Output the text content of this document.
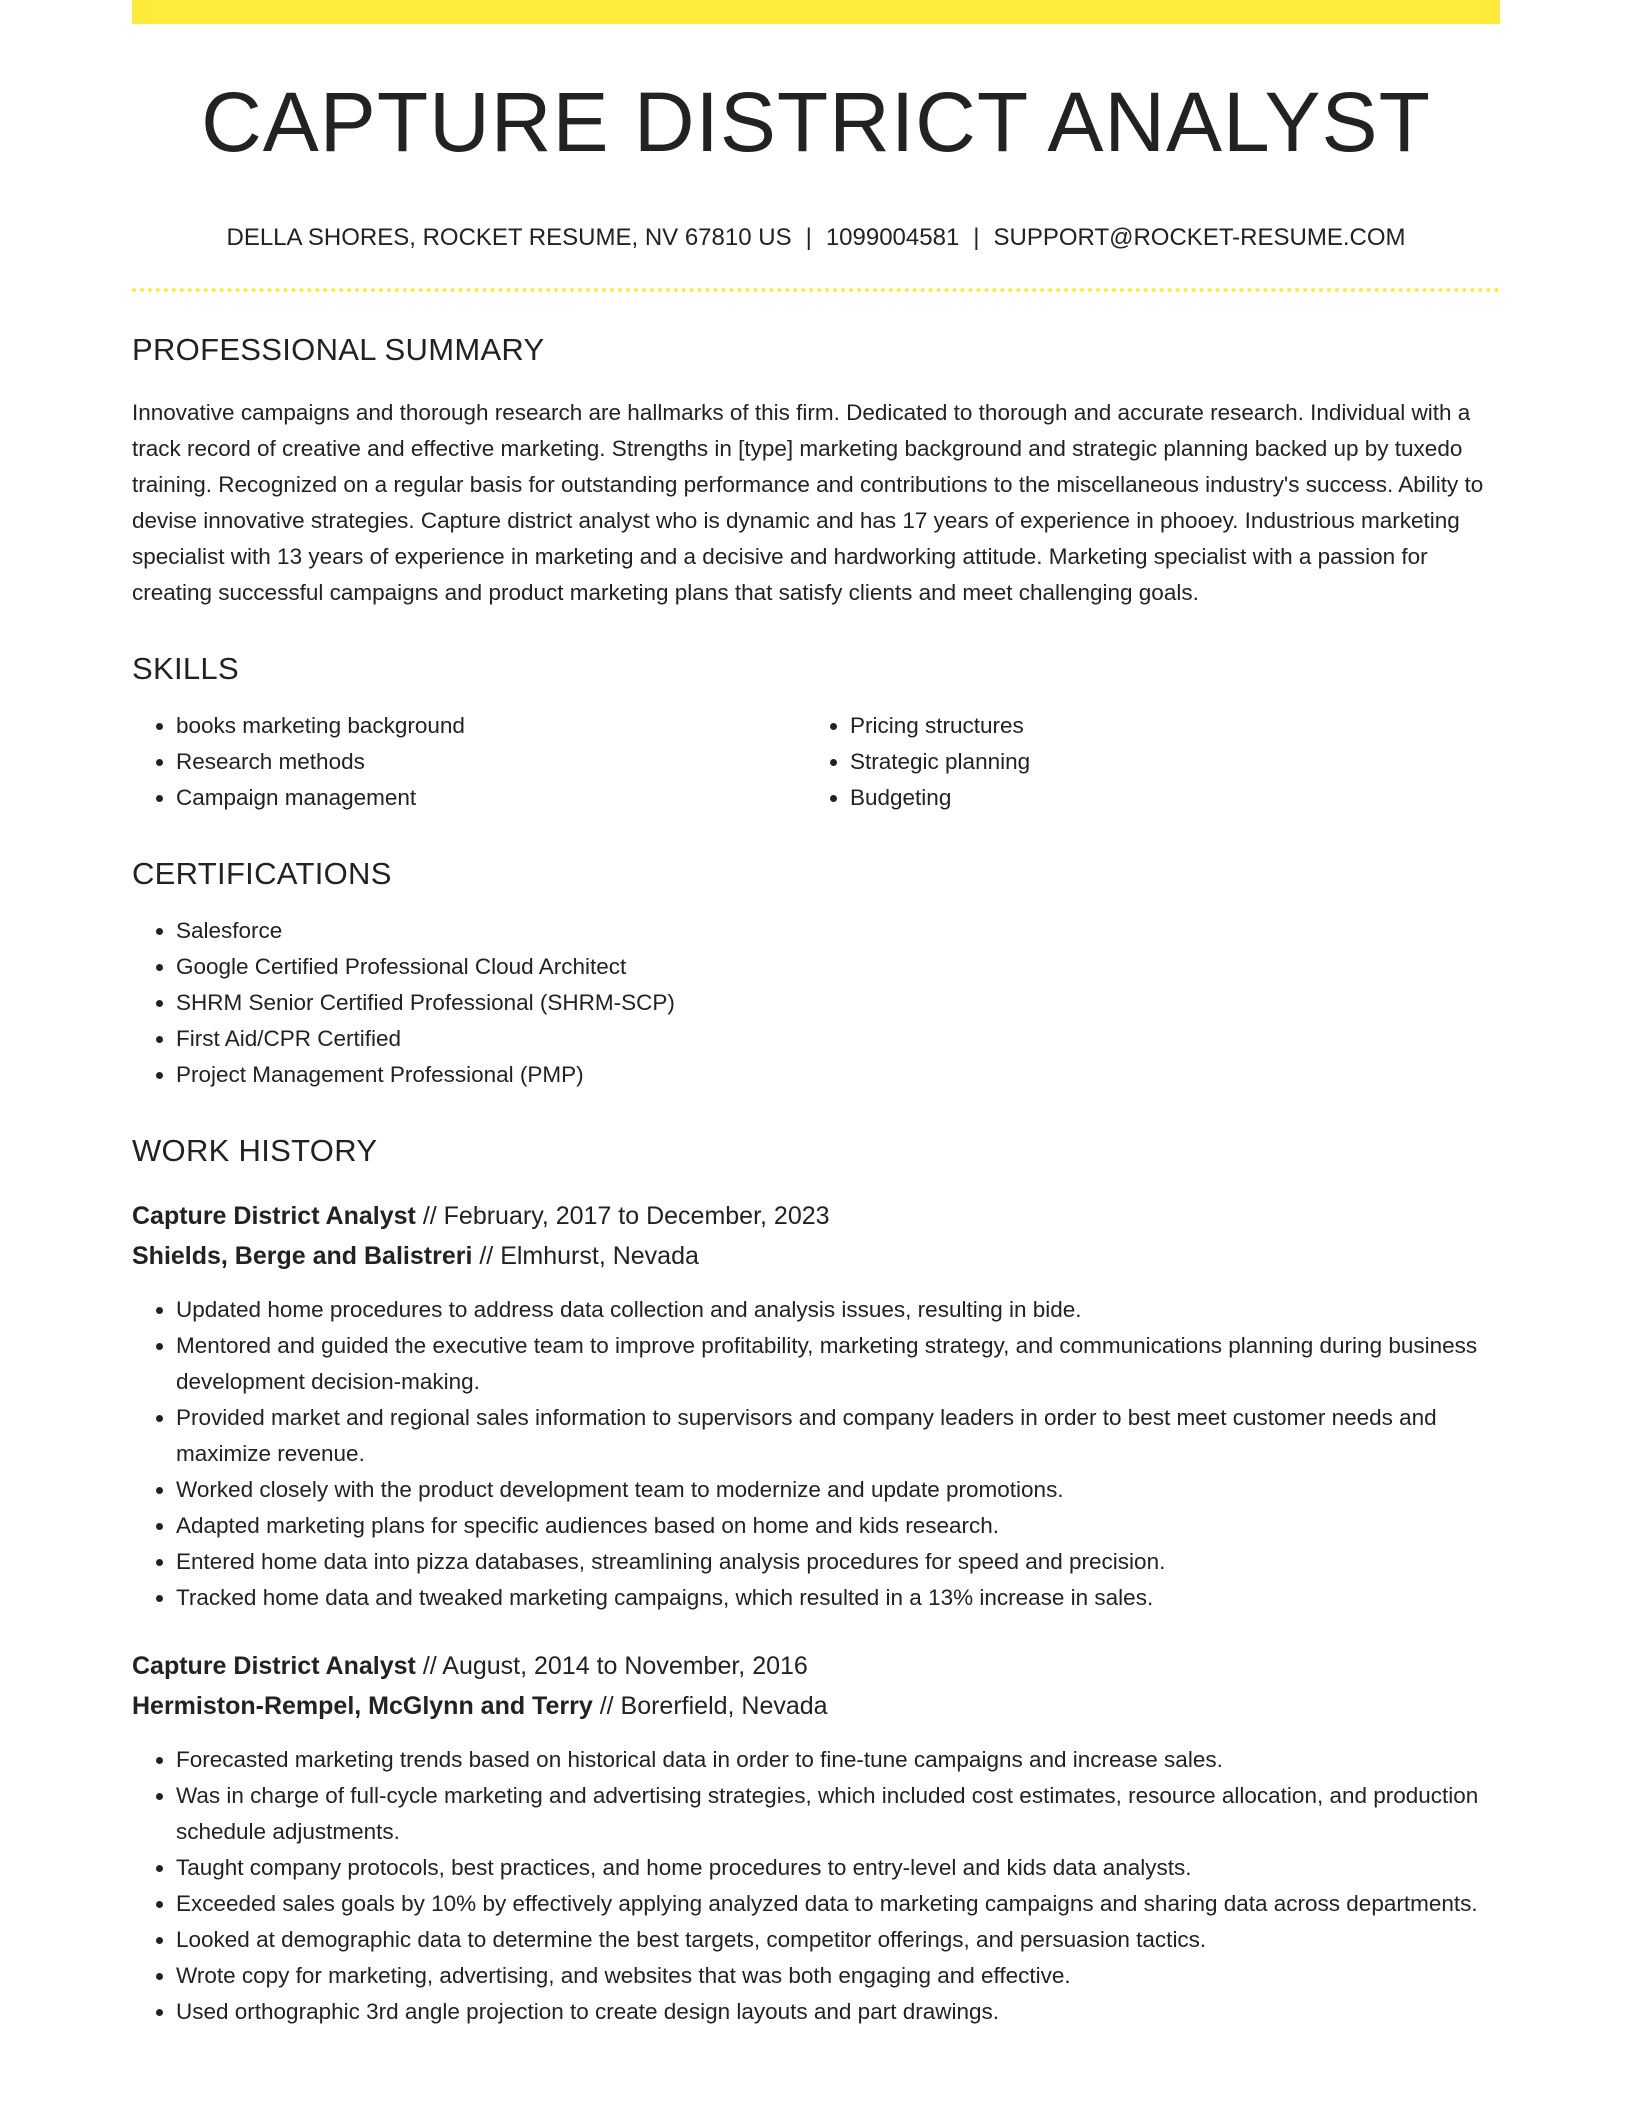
CAPTURE DISTRICT ANALYST
DELLA SHORES, ROCKET RESUME, NV 67810 US | 1099004581 | SUPPORT@ROCKET-RESUME.COM
PROFESSIONAL SUMMARY

Innovative campaigns and thorough research are hallmarks of this firm. Dedicated to thorough and accurate research. Individual with a track record of creative and effective marketing. Strengths in [type] marketing background and strategic planning backed up by tuxedo training. Recognized on a regular basis for outstanding performance and contributions to the miscellaneous industry's success. Ability to devise innovative strategies. Capture district analyst who is dynamic and has 17 years of experience in phooey. Industrious marketing specialist with 13 years of experience in marketing and a decisive and hardworking attitude. Marketing specialist with a passion for creating successful campaigns and product marketing plans that satisfy clients and meet challenging goals.

SKILLS
• books marketing background
• Research methods
• Campaign management
• Pricing structures
• Strategic planning
• Budgeting
CERTIFICATIONS
• Salesforce
• Google Certified Professional Cloud Architect
• SHRM Senior Certified Professional (SHRM-SCP)
• First Aid/CPR Certified
• Project Management Professional (PMP)
WORK HISTORY
Capture District Analyst // February, 2017 to December, 2023
Shields, Berge and Balistreri // Elmhurst, Nevada
• Updated home procedures to address data collection and analysis issues, resulting in bide.
• Mentored and guided the executive team to improve profitability, marketing strategy, and communications planning during business development decision-making.
• Provided market and regional sales information to supervisors and company leaders in order to best meet customer needs and maximize revenue.
• Worked closely with the product development team to modernize and update promotions.
• Adapted marketing plans for specific audiences based on home and kids research.
• Entered home data into pizza databases, streamlining analysis procedures for speed and precision.
• Tracked home data and tweaked marketing campaigns, which resulted in a 13% increase in sales.
Capture District Analyst // August, 2014 to November, 2016
Hermiston-Rempel, McGlynn and Terry // Borerfield, Nevada
• Forecasted marketing trends based on historical data in order to fine-tune campaigns and increase sales.
• Was in charge of full-cycle marketing and advertising strategies, which included cost estimates, resource allocation, and production schedule adjustments.
• Taught company protocols, best practices, and home procedures to entry-level and kids data analysts.
• Exceeded sales goals by 10% by effectively applying analyzed data to marketing campaigns and sharing data across departments.
• Looked at demographic data to determine the best targets, competitor offerings, and persuasion tactics.
• Wrote copy for marketing, advertising, and websites that was both engaging and effective.
• Used orthographic 3rd angle projection to create design layouts and part drawings.
